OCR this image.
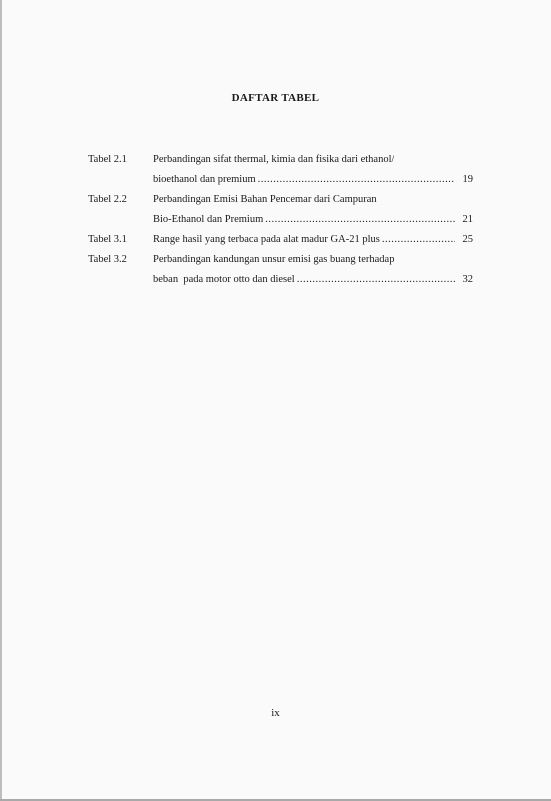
DAFTAR TABEL
Tabel 2.1	Perbandingan sifat thermal, kimia dan fisika dari ethanol/
bioethanol dan premium .....	19
Tabel 2.2	Perbandingan Emisi Bahan Pencemar dari Campuran
Bio-Ethanol dan Premium .....	21
Tabel 3.1	Range hasil yang terbaca pada alat madur GA-21 plus .....	25
Tabel 3.2	Perbandingan kandungan unsur emisi gas buang terhadap
beban  pada motor otto dan diesel .....	32
ix
